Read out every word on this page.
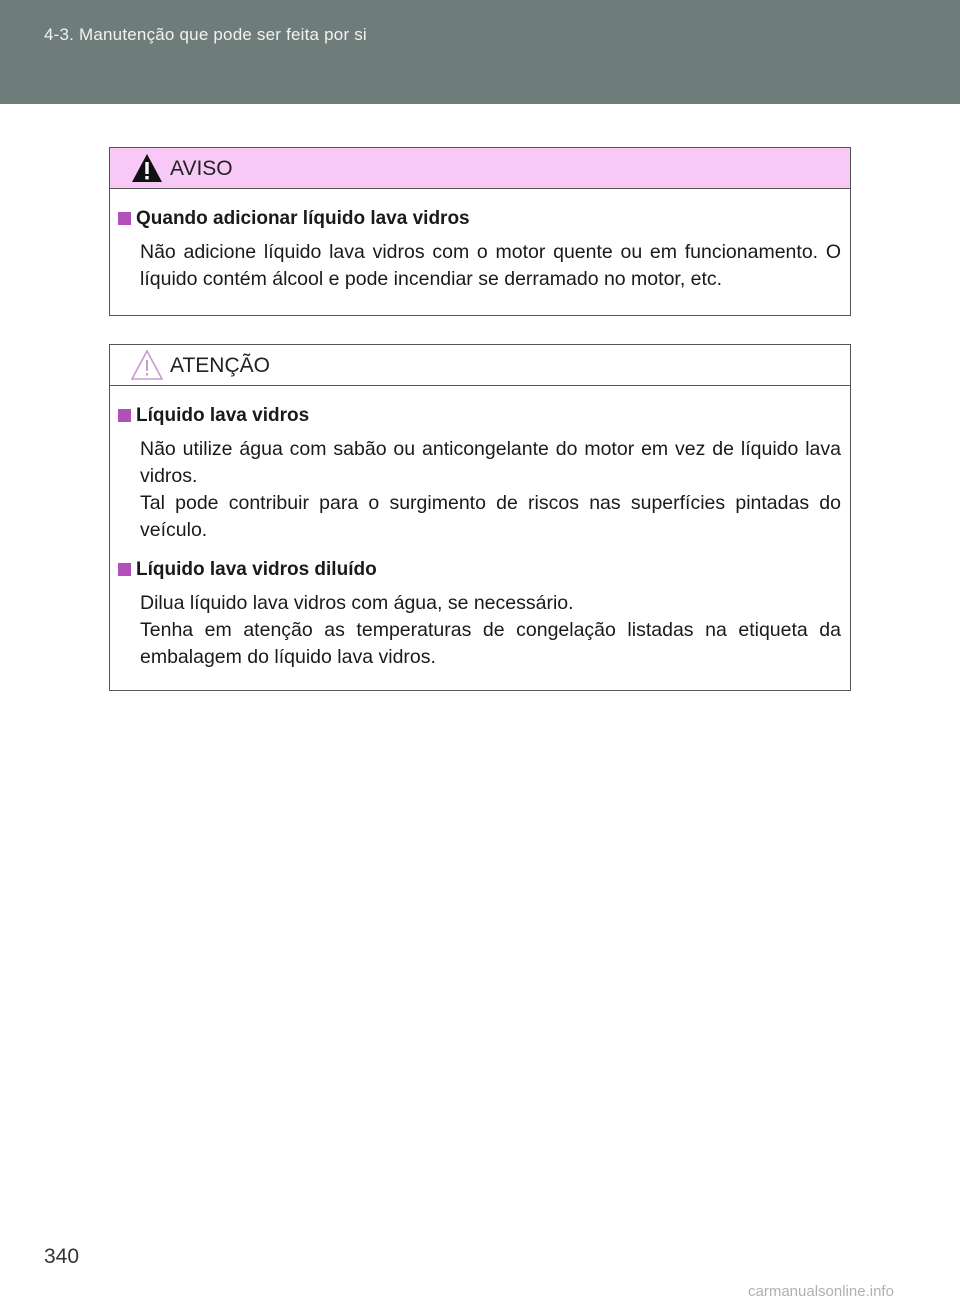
4-3. Manutenção que pode ser feita por si
AVISO
Quando adicionar líquido lava vidros

Não adicione líquido lava vidros com o motor quente ou em funcionamento. O líquido contém álcool e pode incendiar se derramado no motor, etc.

ATENÇÃO
Líquido lava vidros

Não utilize água com sabão ou anticongelante do motor em vez de líquido lava vidros.

Tal pode contribuir para o surgimento de riscos nas superfícies pintadas do veículo.

Líquido lava vidros diluído

Dilua líquido lava vidros com água, se necessário.

Tenha em atenção as temperaturas de congelação listadas na etiqueta da embalagem do líquido lava vidros.

340
carmanualsonline.info
